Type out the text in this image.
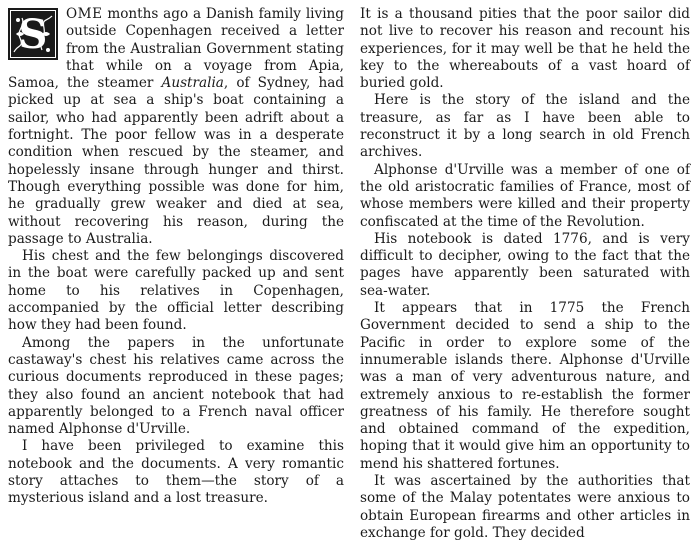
S OME months ago a Danish family living outside Copenhagen received a letter from the Australian Government stating that while on a voyage from Apia, Samoa, the steamer Australia, of Sydney, had picked up at sea a ship's boat containing a sailor, who had apparently been adrift about a fortnight. The poor fellow was in a desperate condition when rescued by the steamer, and hopelessly insane through hunger and thirst. Though everything possible was done for him, he gradually grew weaker and died at sea, without recovering his reason, during the passage to Australia.

His chest and the few belongings discovered in the boat were carefully packed up and sent home to his relatives in Copenhagen, accompanied by the official letter describing how they had been found.

Among the papers in the unfortunate castaway's chest his relatives came across the curious documents reproduced in these pages; they also found an ancient notebook that had apparently belonged to a French naval officer named Alphonse d'Urville.

I have been privileged to examine this notebook and the documents. A very romantic story attaches to them—the story of a mysterious island and a lost treasure.

It is a thousand pities that the poor sailor did not live to recover his reason and recount his experiences, for it may well be that he held the key to the whereabouts of a vast hoard of buried gold.

Here is the story of the island and the treasure, as far as I have been able to reconstruct it by a long search in old French archives.

Alphonse d'Urville was a member of one of the old aristocratic families of France, most of whose members were killed and their property confiscated at the time of the Revolution.

His notebook is dated 1776, and is very difficult to decipher, owing to the fact that the pages have apparently been saturated with sea-water.

It appears that in 1775 the French Government decided to send a ship to the Pacific in order to explore some of the innumerable islands there. Alphonse d'Urville was a man of very adventurous nature, and extremely anxious to re-establish the former greatness of his family. He therefore sought and obtained command of the expedition, hoping that it would give him an opportunity to mend his shattered fortunes.

It was ascertained by the authorities that some of the Malay potentates were anxious to obtain European firearms and other articles in exchange for gold. They decided
